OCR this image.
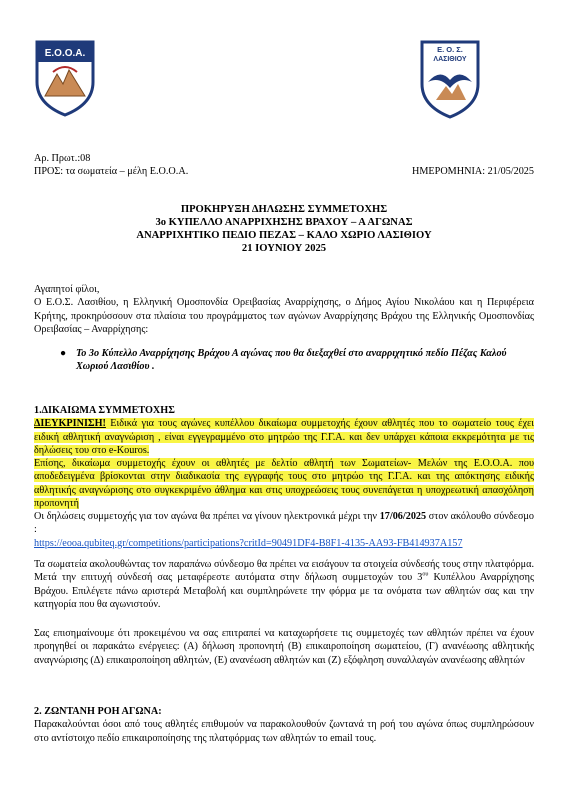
E.O.O.A.	Ε. Ο. Σ.
ΛΑΣΙΘΙΟΥ
Αρ. Πρωτ.:08
ΠΡΟΣ: τα σωματεία – μέλη Ε.Ο.Ο.Α.	ΗΜΕΡΟΜΗΝΙΑ: 21/05/2025
ΠΡΟΚΗΡΥΞΗ ΔΗΛΩΣΗΣ ΣΥΜΜΕΤΟΧΗΣ
3ο ΚΥΠΕΛΛΟ ΑΝΑΡΡΙΧΗΣΗΣ ΒΡΑΧΟΥ – Α ΑΓΩΝΑΣ
ΑΝΑΡΡΙΧΗΤΙΚΟ ΠΕΔΙΟ ΠΕΖΑΣ – ΚΑΛΟ ΧΩΡΙΟ ΛΑΣΙΘΙΟΥ
21 ΙΟΥΝΙΟΥ 2025
Αγαπητοί φίλοι,
Ο Ε.Ο.Σ. Λασιθίου, η Ελληνική Ομοσπονδία Ορειβασίας Αναρρίχησης, ο Δήμος Αγίου Νικολάου και η Περιφέρεια Κρήτης, προκηρύσσουν στα πλαίσια του προγράμματος των αγώνων Αναρρίχησης Βράχου της Ελληνικής Ομοσπονδίας Ορειβασίας – Αναρρίχησης:
● Το 3ο Κύπελλο Αναρρίχησης Βράχου Α αγώνας που θα διεξαχθεί στο αναρριχητικό πεδίο Πέζας Καλού Χωριού Λασιθίου .
1.ΔΙΚΑΙΩΜΑ ΣΥΜΜΕΤΟΧΗΣ
ΔΙΕΥΚΡΙΝΙΣΗ! Ειδικά για τους αγώνες κυπέλλου δικαίωμα συμμετοχής έχουν αθλητές που το σωματείο τους έχει ειδική αθλητική αναγνώριση , είναι εγγεγραμμένο στο μητρώο της Γ.Γ.Α. και δεν υπάρχει κάποια εκκρεμότητα με τις δηλώσεις του στο e-Kouros.
Επίσης, δικαίωμα συμμετοχής έχουν οι αθλητές με δελτίο αθλητή των Σωματείων- Μελών της Ε.Ο.Ο.Α. που αποδεδειγμένα βρίσκονται στην διαδικασία της εγγραφής τους στο μητρώο της Γ.Γ.Α. και της απόκτησης ειδικής αθλητικής αναγνώρισης στο συγκεκριμένο άθλημα και στις υποχρεώσεις τους συνεπάγεται η υποχρεωτική απασχόληση προπονητή
Οι δηλώσεις συμμετοχής για τον αγώνα θα πρέπει να γίνουν ηλεκτρονικά μέχρι την 17/06/2025 στον ακόλουθο σύνδεσμο :
https://eooa.qubiteq.gr/competitions/participations?critId=90491DF4-B8F1-4135-AA93-FB414937A157
Τα σωματεία ακολουθώντας τον παραπάνω σύνδεσμο θα πρέπει να εισάγουν τα στοιχεία σύνδεσής τους στην πλατφόρμα. Μετά την επιτυχή σύνδεσή σας μεταφέρεστε αυτόματα στην δήλωση συμμετοχών του $3^{o\upsilon}$ Κυπέλλου Αναρρίχησης Βράχου. Επιλέγετε πάνω αριστερά Μεταβολή και συμπληρώνετε την φόρμα με τα ονόματα των αθλητών σας και την κατηγορία που θα αγωνιστούν.
Σας επισημαίνουμε ότι προκειμένου να σας επιτραπεί να καταχωρήσετε τις συμμετοχές των αθλητών πρέπει να έχουν προηγηθεί οι παρακάτω ενέργειες: (Α) δήλωση προπονητή (Β) επικαιροποίηση σωματείου, (Γ) ανανέωσης αθλητικής αναγνώρισης (Δ) επικαιροποίηση αθλητών, (Ε) ανανέωση αθλητών και (Ζ) εξόφληση συναλλαγών ανανέωσης αθλητών
2. ΖΩΝΤΑΝΗ ΡΟΗ ΑΓΩΝΑ:
Παρακαλούνται όσοι από τους αθλητές επιθυμούν να παρακολουθούν ζωντανά τη ροή του αγώνα όπως συμπληρώσουν στο αντίστοιχο πεδίο επικαιροποίησης της πλατφόρμας των αθλητών το email τους.
